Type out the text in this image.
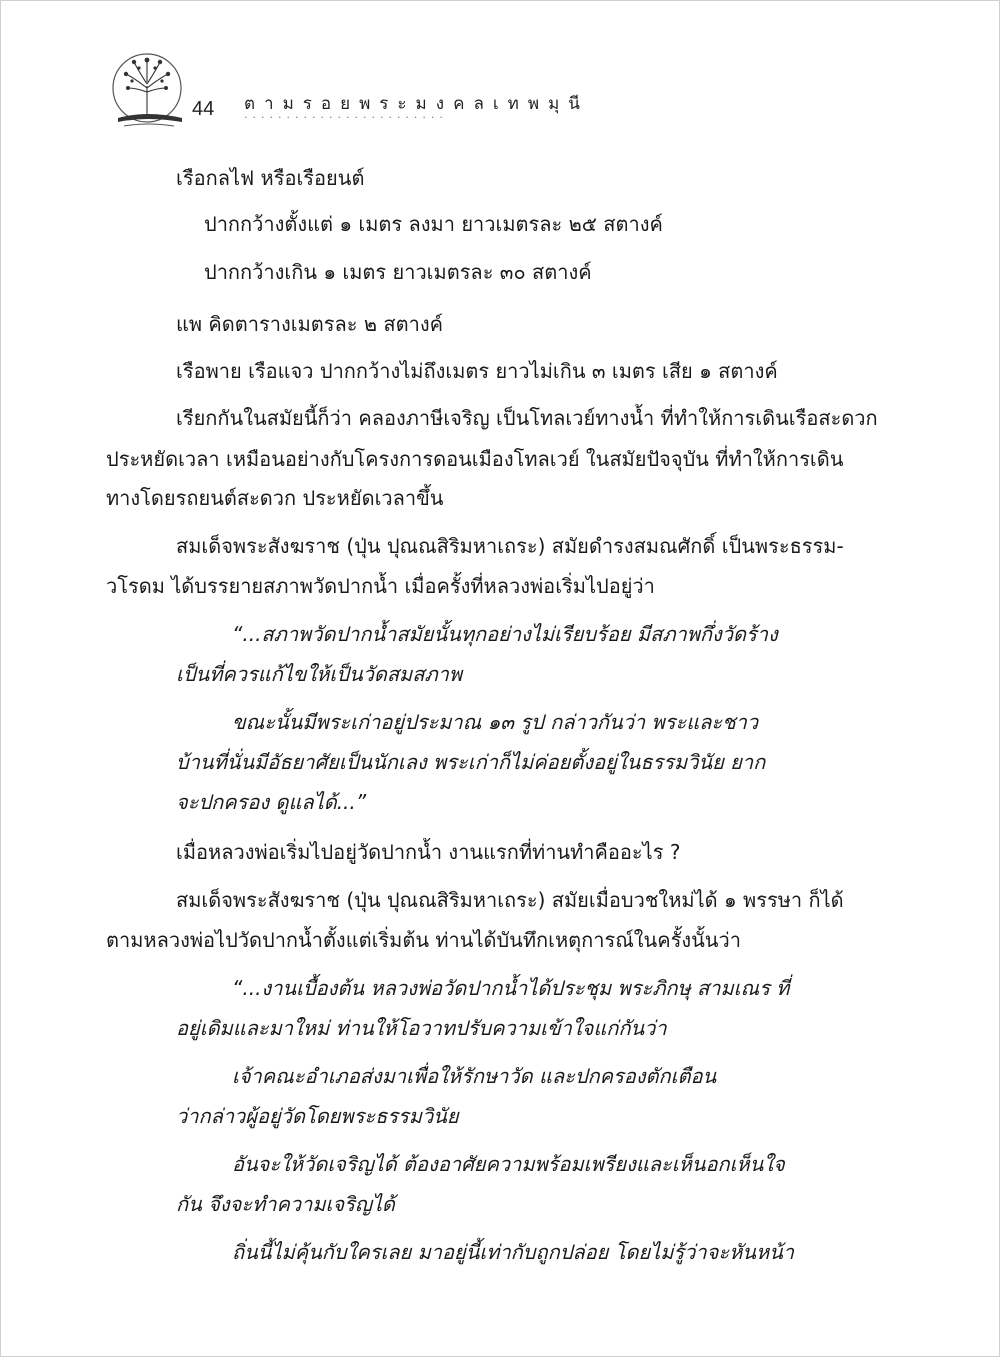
44 ตามรอยพระมงคลเทพมุนี
························
เรือกลไฟ หรือเรือยนต์
ปากกว้างตั้งแต่ ๑ เมตร ลงมา ยาวเมตรละ ๒๕ สตางค์
ปากกว้างเกิน ๑ เมตร ยาวเมตรละ ๓๐ สตางค์
แพ คิดตารางเมตรละ ๒ สตางค์
เรือพาย เรือแจว ปากกว้างไม่ถึงเมตร ยาวไม่เกิน ๓ เมตร เสีย ๑ สตางค์
เรียกกันในสมัยนี้ก็ว่า คลองภาษีเจริญ เป็นโทลเวย์ทางน้ำ ที่ทำให้การเดินเรือสะดวก
ประหยัดเวลา เหมือนอย่างกับโครงการดอนเมืองโทลเวย์ ในสมัยปัจจุบัน ที่ทำให้การเดิน
ทางโดยรถยนต์สะดวก ประหยัดเวลาขึ้น
สมเด็จพระสังฆราช (ปุ่น ปุณณสิริมหาเถระ) สมัยดำรงสมณศักดิ์ เป็นพระธรรม-
วโรดม ได้บรรยายสภาพวัดปากน้ำ เมื่อครั้งที่หลวงพ่อเริ่มไปอยู่ว่า
“...สภาพวัดปากน้ำสมัยนั้นทุกอย่างไม่เรียบร้อย มีสภาพกึ่งวัดร้าง
เป็นที่ควรแก้ไขให้เป็นวัดสมสภาพ
ขณะนั้นมีพระเก่าอยู่ประมาณ ๑๓ รูป กล่าวกันว่า พระและชาว
บ้านที่นั่นมีอัธยาศัยเป็นนักเลง พระเก่าก็ไม่ค่อยตั้งอยู่ในธรรมวินัย ยาก
จะปกครอง ดูแลได้...”
เมื่อหลวงพ่อเริ่มไปอยู่วัดปากน้ำ งานแรกที่ท่านทำคืออะไร ?
สมเด็จพระสังฆราช (ปุ่น ปุณณสิริมหาเถระ) สมัยเมื่อบวชใหม่ได้ ๑ พรรษา ก็ได้
ตามหลวงพ่อไปวัดปากน้ำตั้งแต่เริ่มต้น ท่านได้บันทึกเหตุการณ์ในครั้งนั้นว่า
“...งานเบื้องต้น หลวงพ่อวัดปากน้ำได้ประชุม พระภิกษุ สามเณร ที่
อยู่เดิมและมาใหม่ ท่านให้โอวาทปรับความเข้าใจแก่กันว่า
เจ้าคณะอำเภอส่งมาเพื่อให้รักษาวัด และปกครองตักเตือน
ว่ากล่าวผู้อยู่วัดโดยพระธรรมวินัย
อันจะให้วัดเจริญได้ ต้องอาศัยความพร้อมเพรียงและเห็นอกเห็นใจ
กัน จึงจะทำความเจริญได้
ถิ่นนี้ไม่คุ้นกับใครเลย มาอยู่นี้เท่ากับถูกปล่อย โดยไม่รู้ว่าจะหันหน้า
